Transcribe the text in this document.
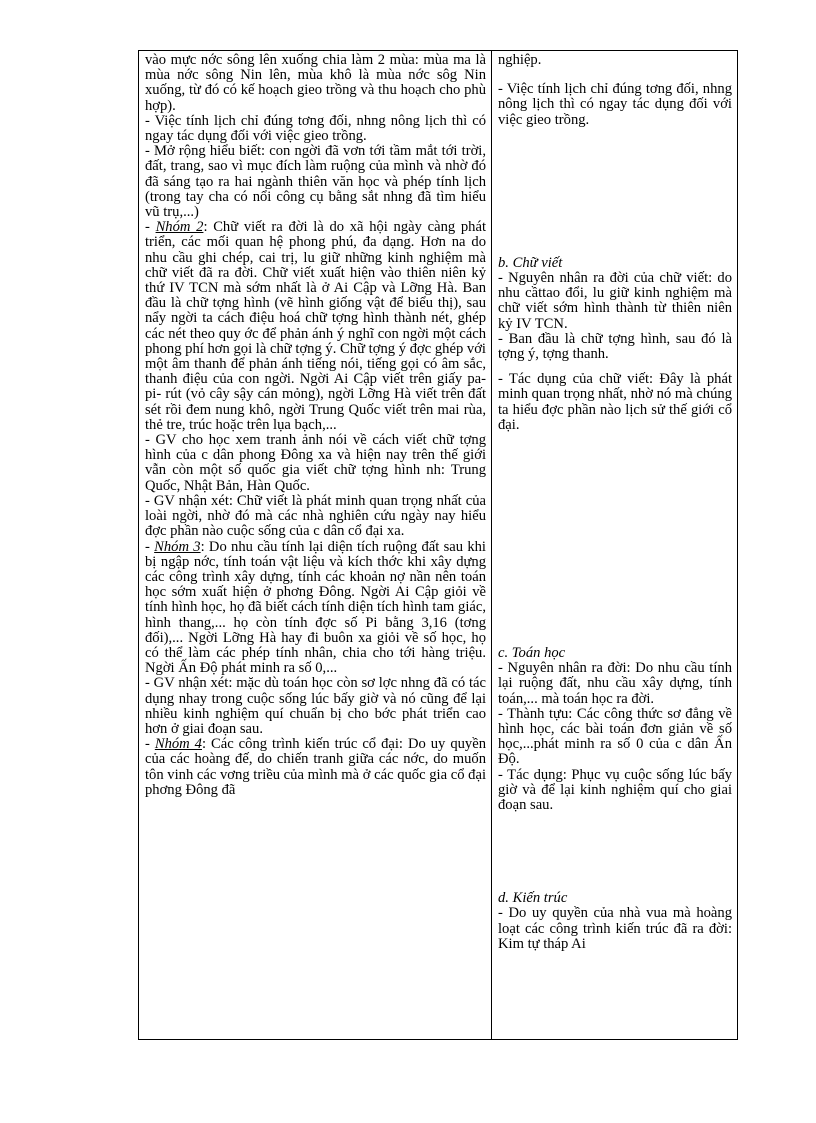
vào mực nớc sông lên xuống chia làm 2 mùa: mùa ma là mùa nớc sông Nin lên, mùa khô là mùa nớc sôg Nin xuống, từ đó có kế hoạch gieo trồng và thu hoạch cho phù hợp).

- Việc tính lịch chỉ đúng tơng đối, nhng nông lịch thì có ngay tác dụng đối với việc gieo trồng.

- Mở rộng hiểu biết: con ngời đã vơn tới tầm mắt tới trời, đất, trang, sao vì mục đích làm ruộng của mình và nhờ đó đã sáng tạo ra hai ngành thiên văn học và phép tính lịch (trong tay cha có nổi công cụ bằng sắt nhng đã tìm hiểu vũ trụ,...)

- Nhóm 2: Chữ viết ra đời là do xã hội ngày càng phát triển, các mối quan hệ phong phú, đa dạng. Hơn na do nhu cầu ghi chép, cai trị, lu giữ những kinh nghiệm mà chữ viết đã ra đời. Chữ viết xuất hiện vào thiên niên kỷ thứ IV TCN mà sớm nhất là ở Ai Cập và Lỡng Hà. Ban đầu là chữ tợng hình (vẽ hình giống vật để biểu thị), sau nẩy ngời ta cách điệu hoá chữ tợng hình thành nét, ghép các nét theo quy ớc để phản ánh ý nghĩ con ngời một cách phong phí hơn gọi là chữ tợng ý. Chữ tợng ý đợc ghép với một âm thanh để phản ánh tiếng nói, tiếng gọi có âm sắc, thanh điệu của con ngời. Ngời Ai Cập viết trên giấy pa- pi- rút (vỏ cây sậy cán mỏng), ngời Lỡng Hà viết trên đất sét rồi đem nung khô, ngời Trung Quốc viết trên mai rùa, thẻ tre, trúc hoặc trên lụa bạch,...

- GV cho học xem tranh ảnh nói về cách viết chữ tợng hình của c dân phong Đông xa và hiện nay trên thế giới vẫn còn một số quốc gia viết chữ tợng hình nh: Trung Quốc, Nhật Bản, Hàn Quốc.

- GV nhận xét: Chữ viết là phát minh quan trọng nhất của loài ngời, nhờ đó mà các nhà nghiên cứu ngày nay hiểu đợc phần nào cuộc sống của c dân cổ đại xa.

- Nhóm 3: Do nhu cầu tính lại diện tích ruộng đất sau khi bị ngập nớc, tính toán vật liệu và kích thớc khi xây dựng các công trình xây dựng, tính các khoản nợ nần nên toán học sớm xuất hiện ở phơng Đông. Ngời Ai Cập giỏi về tính hình học, họ đã biết cách tính diện tích hình tam giác, hình thang,... họ còn tính đợc số Pi bằng 3,16 (tơng đối),... Ngời Lỡng Hà hay đi buôn xa giỏi về số học, họ có thể làm các phép tính nhân, chia cho tới hàng triệu. Ngời Ấn Độ phát minh ra số 0,...

- GV nhận xét: mặc dù toán học còn sơ lợc nhng đã có tác dụng nhay trong cuộc sống lúc bấy giờ và nó cũng để lại nhiều kinh nghiệm quí chuẩn bị cho bớc phát triển cao hơn ở giai đoạn sau.

- Nhóm 4: Các công trình kiến trúc cổ đại: Do uy quyền của các hoàng đế, do chiến tranh giữa các nớc, do muốn tôn vinh các vơng triều của mình mà ở các quốc gia cổ đại phơng Đông đã

nghiệp.

- Việc tính lịch chỉ đúng tơng đối, nhng nông lịch thì có ngay tác dụng đối với việc gieo trồng.

b. Chữ viết

- Nguyên nhân ra đời của chữ viết: do nhu cầttao đổi, lu giữ kinh nghiệm mà chữ viết sớm hình thành từ thiên niên kỷ IV TCN.

- Ban đầu là chữ tợng hình, sau đó là tợng ý, tợng thanh.

- Tác dụng của chữ viết: Đây là phát minh quan trọng nhất, nhờ nó mà chúng ta hiểu đợc phần nào lịch sử thế giới cổ đại.

c. Toán học

- Nguyên nhân ra đời: Do nhu cầu tính lại ruộng đất, nhu cầu xây dựng, tính toán,... mà toán học ra đời.

- Thành tựu: Các công thức sơ đẳng về hình học, các bài toán đơn giản về số học,...phát minh ra số 0 của c dân Ấn Độ.

- Tác dụng: Phục vụ cuộc sống lúc bấy giờ và để lại kinh nghiệm quí cho giai đoạn sau.

d. Kiến trúc

- Do uy quyền của nhà vua mà hoàng loạt các công trình kiến trúc đã ra đời: Kim tự tháp Ai
